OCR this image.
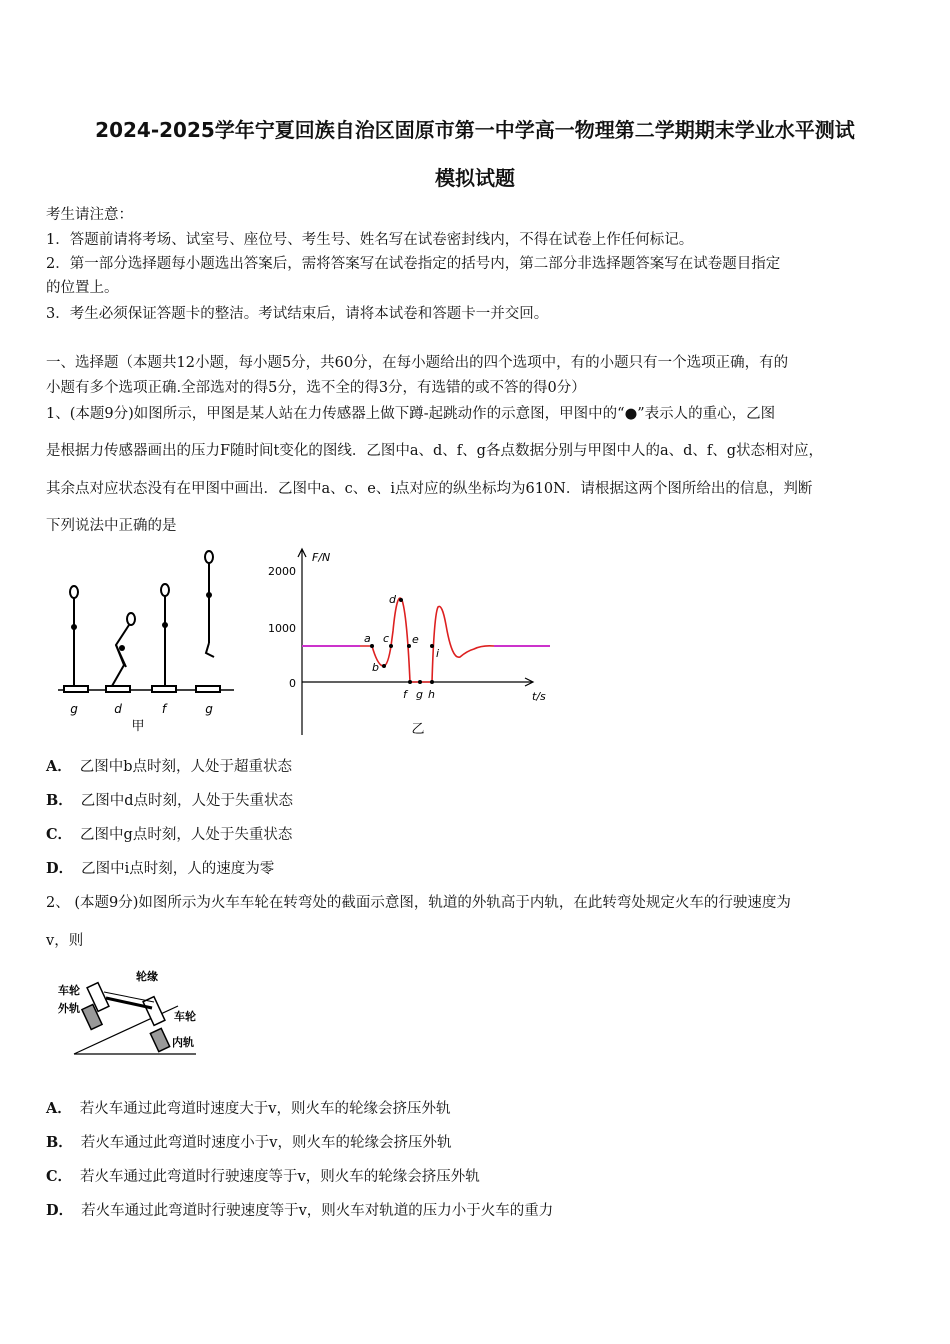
2024-2025学年宁夏回族自治区固原市第一中学高一物理第二学期期末学业水平测试
模拟试题
考生请注意：
1．答题前请将考场、试室号、座位号、考生号、姓名写在试卷密封线内，不得在试卷上作任何标记。
2．第一部分选择题每小题选出答案后，需将答案写在试卷指定的括号内，第二部分非选择题答案写在试卷题目指定
的位置上。
3．考生必须保证答题卡的整洁。考试结束后，请将本试卷和答题卡一并交回。
一、选择题（本题共12小题，每小题5分，共60分，在每小题给出的四个选项中，有的小题只有一个选项正确，有的
小题有多个选项正确.全部选对的得5分，选不全的得3分，有选错的或不答的得0分）
1、(本题9分)如图所示，甲图是某人站在力传感器上做下蹲-起跳动作的示意图，甲图中的“●”表示人的重心，乙图
是根据力传感器画出的压力F随时间t变化的图线．乙图中a、d、f、g各点数据分别与甲图中人的a、d、f、g状态相对应，
其余点对应状态没有在甲图中画出．乙图中a、c、e、i点对应的纵坐标均为610N．请根据这两个图所给出的信息，判断
下列说法中正确的是
g	d	f	g
甲
F/N
t/s
2000
1000
0
a
b
c
d
e
i
f g h
乙
A． 乙图中b点时刻，人处于超重状态
B． 乙图中d点时刻，人处于失重状态
C． 乙图中g点时刻，人处于失重状态
D． 乙图中i点时刻，人的速度为零
2、 (本题9分)如图所示为火车车轮在转弯处的截面示意图，轨道的外轨高于内轨，在此转弯处规定火车的行驶速度为
v，则
轮缘
车轮
外轨
车轮
内轨
A． 若火车通过此弯道时速度大于v，则火车的轮缘会挤压外轨
B． 若火车通过此弯道时速度小于v，则火车的轮缘会挤压外轨
C． 若火车通过此弯道时行驶速度等于v，则火车的轮缘会挤压外轨
D． 若火车通过此弯道时行驶速度等于v，则火车对轨道的压力小于火车的重力
